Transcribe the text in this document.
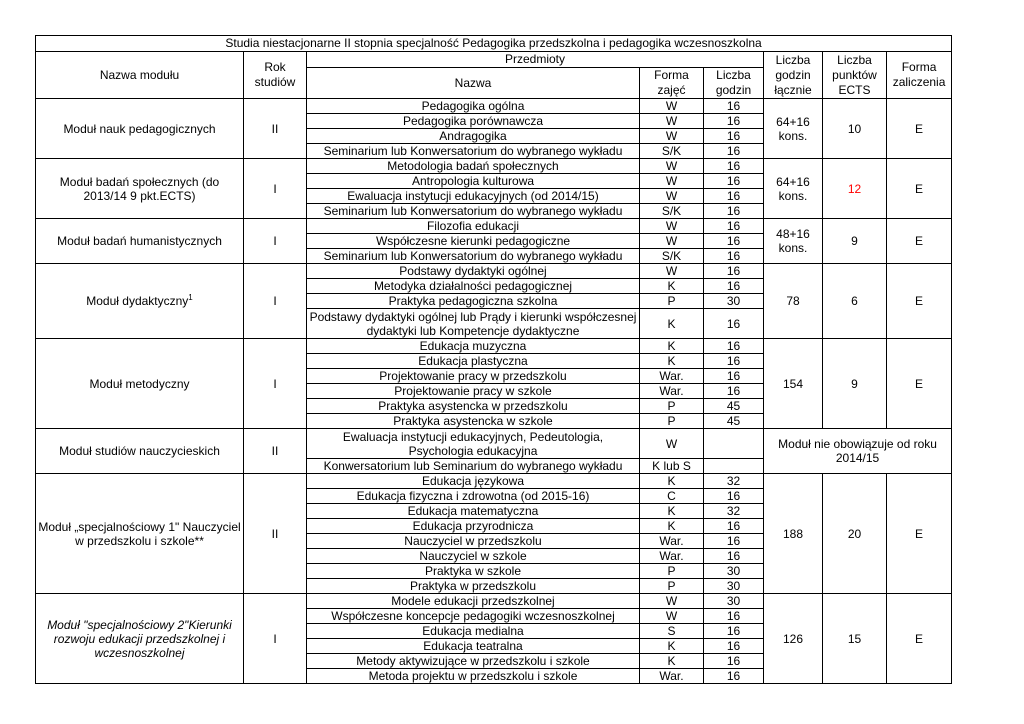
Studia niestacjonarne II stopnia specjalność Pedagogika przedszkolna i pedagogika wczesnoszkolna							
Nazwa modułu	Rok studiów	Przedmioty			Liczba godzin łącznie	Liczba punktów ECTS	Forma zaliczenia
		Nazwa	Forma zajęć	Liczba godzin			
Moduł nauk pedagogicznych	II	Pedagogika ogólna	W	16	64+16 kons.	10	E
		Pedagogika porównawcza	W	16			
		Andragogika	W	16			
		Seminarium lub Konwersatorium do wybranego wykładu	S/K	16			
Moduł badań społecznych (do 2013/14 9 pkt.ECTS)	I	Metodologia badań społecznych	W	16	64+16 kons.	12	E
		Antropologia kulturowa	W	16			
		Ewaluacja instytucji edukacyjnych (od 2014/15)	W	16			
		Seminarium lub Konwersatorium do wybranego wykładu	S/K	16			
Moduł badań humanistycznych	I	Filozofia edukacji	W	16	48+16 kons.	9	E
		Współczesne kierunki pedagogiczne	W	16			
		Seminarium lub Konwersatorium do wybranego wykładu	S/K	16			
Moduł dydaktyczny$^1$	I	Podstawy dydaktyki ogólnej	W	16	78	6	E
		Metodyka działalności pedagogicznej	K	16			
		Praktyka pedagogiczna szkolna	P	30			
		Podstawy dydaktyki ogólnej lub Prądy i kierunki współczesnej dydaktyki lub Kompetencje dydaktyczne	K	16			
Moduł metodyczny	I	Edukacja muzyczna	K	16	154	9	E
		Edukacja plastyczna	K	16			
		Projektowanie pracy w przedszkolu	War.	16			
		Projektowanie pracy w szkole	War.	16			
		Praktyka asystencka w przedszkolu	P	45			
		Praktyka asystencka w szkole	P	45			
Moduł studiów nauczycieskich	II	Ewaluacja instytucji edukacyjnych, Pedeutologia, Psychologia edukacyjna	W		Moduł nie obowiązuje od roku 2014/15		
		Konwersatorium lub Seminarium do wybranego wykładu	K lub S				
Moduł „specjalnościowy 1" Nauczyciel w przedszkolu i szkole**	II	Edukacja językowa	K	32	188	20	E
		Edukacja fizyczna i zdrowotna (od 2015-16)	C	16			
		Edukacja matematyczna	K	32			
		Edukacja przyrodnicza	K	16			
		Nauczyciel w przedszkolu	War.	16			
		Nauczyciel w szkole	War.	16			
		Praktyka w szkole	P	30			
		Praktyka w przedszkolu	P	30			
Moduł "specjalnościowy 2"Kierunki rozwoju edukacji przedszkolnej i wczesnoszkolnej	I	Modele edukacji przedszkolnej	W	30	126	15	E
		Współczesne koncepcje pedagogiki wczesnoszkolnej	W	16			
		Edukacja medialna	S	16			
		Edukacja teatralna	K	16			
		Metody aktywizujące w przedszkolu i szkole	K	16			
		Metoda projektu w przedszkolu i szkole	War.	16			
